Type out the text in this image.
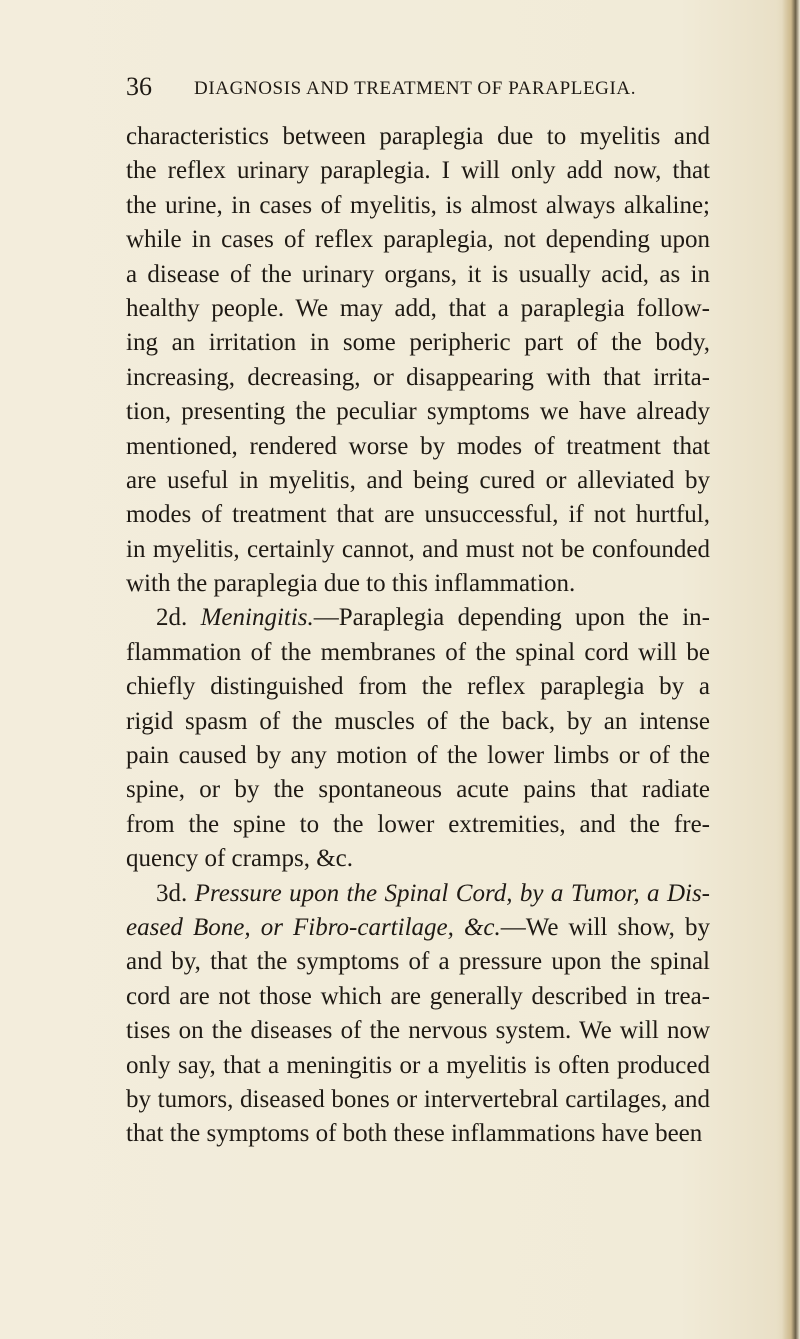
36 DIAGNOSIS AND TREATMENT OF PARAPLEGIA.
characteristics between paraplegia due to myelitis and
the reflex urinary paraplegia. I will only add now, that
the urine, in cases of myelitis, is almost always alkaline;
while in cases of reflex paraplegia, not depending upon
a disease of the urinary organs, it is usually acid, as in
healthy people. We may add, that a paraplegia follow-
ing an irritation in some peripheric part of the body,
increasing, decreasing, or disappearing with that irrita-
tion, presenting the peculiar symptoms we have already
mentioned, rendered worse by modes of treatment that
are useful in myelitis, and being cured or alleviated by
modes of treatment that are unsuccessful, if not hurtful,
in myelitis, certainly cannot, and must not be confounded
with the paraplegia due to this inflammation.
2d. Meningitis.—Paraplegia depending upon the in-
flammation of the membranes of the spinal cord will be
chiefly distinguished from the reflex paraplegia by a
rigid spasm of the muscles of the back, by an intense
pain caused by any motion of the lower limbs or of the
spine, or by the spontaneous acute pains that radiate
from the spine to the lower extremities, and the fre-
quency of cramps, &c.
3d. Pressure upon the Spinal Cord, by a Tumor, a Dis-
eased Bone, or Fibro-cartilage, &c.—We will show, by
and by, that the symptoms of a pressure upon the spinal
cord are not those which are generally described in trea-
tises on the diseases of the nervous system. We will now
only say, that a meningitis or a myelitis is often produced
by tumors, diseased bones or intervertebral cartilages, and
that the symptoms of both these inflammations have been
